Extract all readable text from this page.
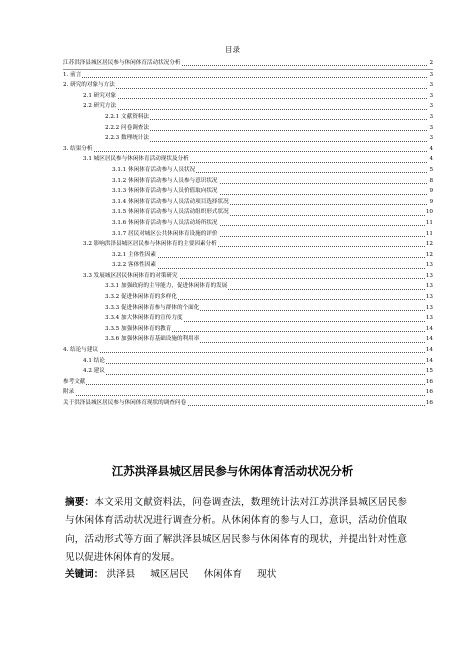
目录
江苏洪泽县城区居民参与休闲体育活动状况分析	2
1. 前言	3
2. 研究的对象与方法	3
2.1 研究对象	3
2.2 研究方法	3
2.2.1 文献资料法	3
2.2.2 问卷调查法	3
2.2.3 数理统计法	3
3. 结果分析	4
3.1 城区居民参与休闲体育活动现状及分析	4
3.1.1 休闲体育活动参与人员状况	5
3.1.2 休闲体育活动参与人员参与意识状况	8
3.1.3 休闲体育活动参与人员价值取向状况	9
3.1.4 休闲体育活动参与人员活动项目选择状况	9
3.1.5 休闲体育活动参与人员活动组织形式状况	10
3.1.6 休闲体育活动参与人员活动场所状况	11
3.1.7 居民对城区公共休闲体育设施的评价	11
3.2 影响洪泽县城区居民参与休闲体育的主要因素分析	12
3.2.1 主体性因素	12
3.2.2 客体性因素	13
3.3 发展城区居民休闲体育的对策研究	13
3.3.1 加强政府的主导能力，促进休闲体育的发展	13
3.3.2 促进休闲体育的多样化	13
3.3.3 促进休闲体育参与群体的个面化	13
3.3.4 加大休闲体育的宣传力度	13
3.3.5 加强休闲体育的教育	14
3.3.6 加强休闲体育基础设施的利用率	14
4. 结论与建议	14
4.1 结论	14
4.2 建议	15
参考文献	16
附录	16
关于洪泽县城区居民参与休闲体育现状的调查问卷	16
江苏洪泽县城区居民参与休闲体育活动状况分析
摘要：本文采用文献资料法，问卷调查法，数理统计法对江苏洪泽县城区居民参与休闲体育活动状况进行调查分析。从休闲体育的参与人口，意识，活动价值取向，活动形式等方面了解洪泽县城区居民参与休闲体育的现状，并提出针对性意见以促进休闲体育的发展。
关键词： 洪泽县 城区居民 休闲体育 现状
